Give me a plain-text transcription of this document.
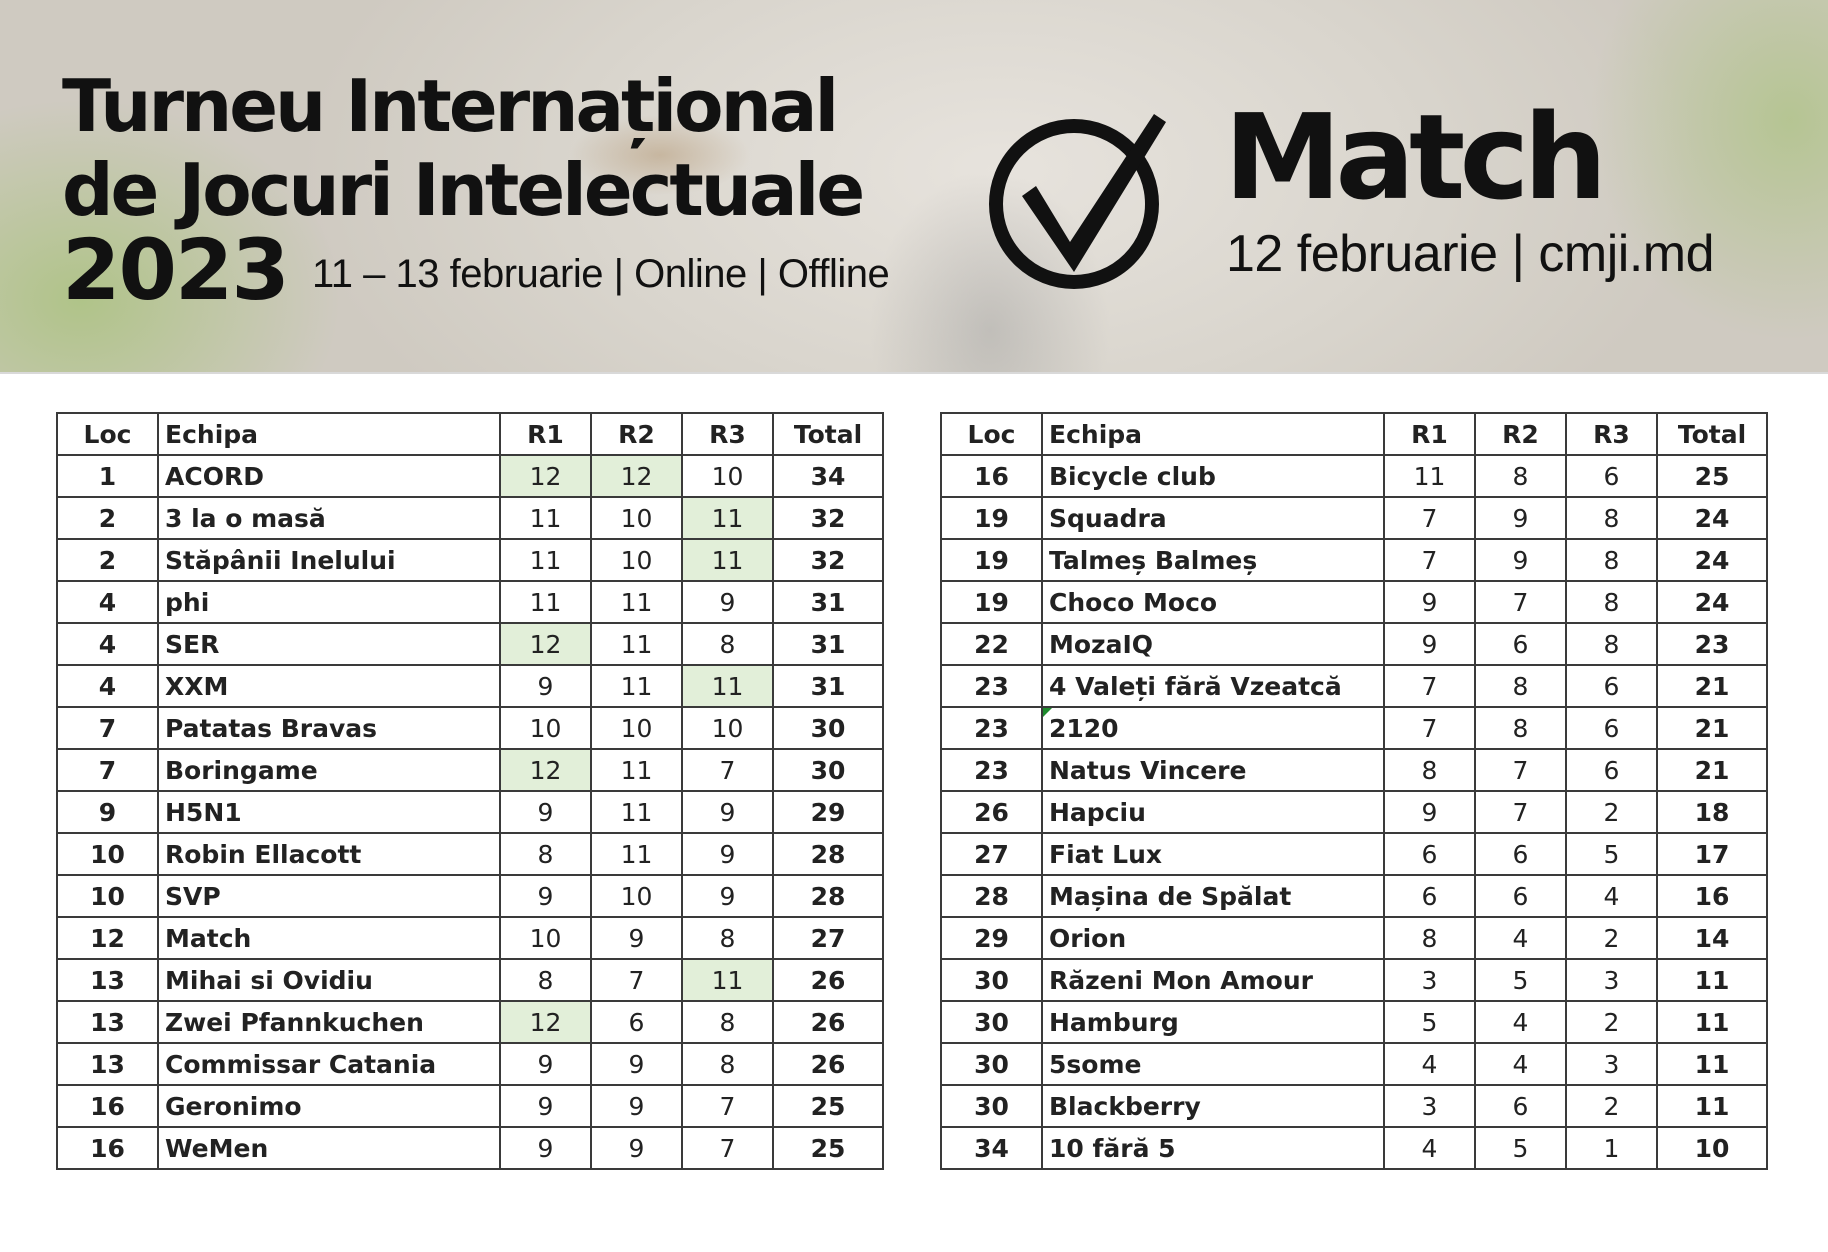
Turneu Internațional
de Jocuri Intelectuale
2023 11 – 13 februarie | Online | Offline
Match
12 februarie | cmji.md
Loc	Echipa	R1	R2	R3	Total
1	ACORD	12	12	10	34
2	3 la o masă	11	10	11	32
2	Stăpânii Inelului	11	10	11	32
4	phi	11	11	9	31
4	SER	12	11	8	31
4	XXM	9	11	11	31
7	Patatas Bravas	10	10	10	30
7	Boringame	12	11	7	30
9	H5N1	9	11	9	29
10	Robin Ellacott	8	11	9	28
10	SVP	9	10	9	28
12	Match	10	9	8	27
13	Mihai si Ovidiu	8	7	11	26
13	Zwei Pfannkuchen	12	6	8	26
13	Commissar Catania	9	9	8	26
16	Geronimo	9	9	7	25
16	WeMen	9	9	7	25
Loc	Echipa	R1	R2	R3	Total
16	Bicycle club	11	8	6	25
19	Squadra	7	9	8	24
19	Talmeș Balmeș	7	9	8	24
19	Choco Moco	9	7	8	24
22	MozaIQ	9	6	8	23
23	4 Valeți fără Vzeatcă	7	8	6	21
23	2120	7	8	6	21
23	Natus Vincere	8	7	6	21
26	Hapciu	9	7	2	18
27	Fiat Lux	6	6	5	17
28	Mașina de Spălat	6	6	4	16
29	Orion	8	4	2	14
30	Răzeni Mon Amour	3	5	3	11
30	Hamburg	5	4	2	11
30	5some	4	4	3	11
30	Blackberry	3	6	2	11
34	10 fără 5	4	5	1	10
